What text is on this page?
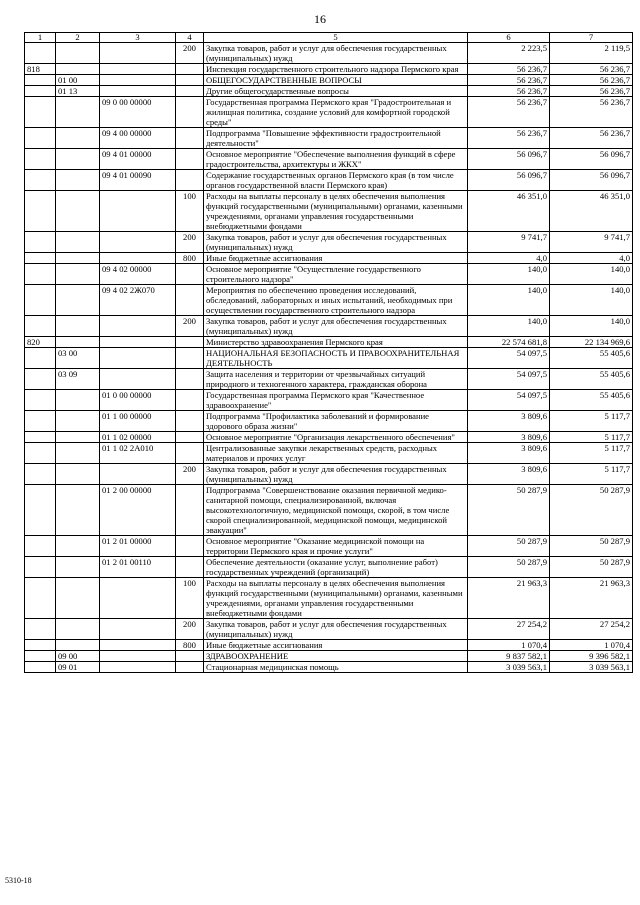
16
1	2	3	4	5	6	7
			200	Закупка товаров, работ и услуг для обеспечения государственных (муниципальных) нужд	2 223,5	2 119,5
818				Инспекция государственного строительного надзора Пермского края	56 236,7	56 236,7
	01 00			ОБЩЕГОСУДАРСТВЕННЫЕ ВОПРОСЫ	56 236,7	56 236,7
	01 13			Другие общегосударственные вопросы	56 236,7	56 236,7
		09 0 00 00000		Государственная программа Пермского края "Градостроительная и жилищная политика, создание условий для комфортной городской среды"	56 236,7	56 236,7
		09 4 00 00000		Подпрограмма "Повышение эффективности градостроительной деятельности"	56 236,7	56 236,7
		09 4 01 00000		Основное мероприятие "Обеспечение выполнения функций в сфере градостроительства, архитектуры и ЖКХ"	56 096,7	56 096,7
		09 4 01 00090		Содержание государственных органов Пермского края (в том числе органов государственной власти Пермского края)	56 096,7	56 096,7
			100	Расходы на выплаты персоналу в целях обеспечения выполнения функций государственными (муниципальными) органами, казенными учреждениями, органами управления государственными внебюджетными фондами	46 351,0	46 351,0
			200	Закупка товаров, работ и услуг для обеспечения государственных (муниципальных) нужд	9 741,7	9 741,7
			800	Иные бюджетные ассигнования	4,0	4,0
		09 4 02 00000		Основное мероприятие "Осуществление государственного строительного надзора"	140,0	140,0
		09 4 02 2Ж070		Мероприятия по обеспечению проведения исследований, обследований, лабораторных и иных испытаний, необходимых при осуществлении государственного строительного надзора	140,0	140,0
			200	Закупка товаров, работ и услуг для обеспечения государственных (муниципальных) нужд	140,0	140,0
820				Министерство здравоохранения Пермского края	22 574 681,8	22 134 969,6
	03 00			НАЦИОНАЛЬНАЯ БЕЗОПАСНОСТЬ И ПРАВООХРАНИТЕЛЬНАЯ ДЕЯТЕЛЬНОСТЬ	54 097,5	55 405,6
	03 09			Защита населения и территории от чрезвычайных ситуаций природного и техногенного характера, гражданская оборона	54 097,5	55 405,6
		01 0 00 00000		Государственная программа Пермского края "Качественное здравоохранение"	54 097,5	55 405,6
		01 1 00 00000		Подпрограмма "Профилактика заболеваний и формирование здорового образа жизни"	3 809,6	5 117,7
		01 1 02 00000		Основное мероприятие "Организация лекарственного обеспечения"	3 809,6	5 117,7
		01 1 02 2А010		Централизованные закупки лекарственных средств, расходных материалов и прочих услуг	3 809,6	5 117,7
			200	Закупка товаров, работ и услуг для обеспечения государственных (муниципальных) нужд	3 809,6	5 117,7
		01 2 00 00000		Подпрограмма "Совершенствование оказания первичной медико-санитарной помощи, специализированной, включая высокотехнологичную, медицинской помощи, скорой, в том числе скорой специализированной, медицинской помощи, медицинской эвакуации"	50 287,9	50 287,9
		01 2 01 00000		Основное мероприятие "Оказание медицинской помощи на территории Пермского края и прочие услуги"	50 287,9	50 287,9
		01 2 01 00110		Обеспечение деятельности (оказание услуг, выполнение работ) государственных учреждений (организаций)	50 287,9	50 287,9
			100	Расходы на выплаты персоналу в целях обеспечения выполнения функций государственными (муниципальными) органами, казенными учреждениями, органами управления государственными внебюджетными фондами	21 963,3	21 963,3
			200	Закупка товаров, работ и услуг для обеспечения государственных (муниципальных) нужд	27 254,2	27 254,2
			800	Иные бюджетные ассигнования	1 070,4	1 070,4
	09 00			ЗДРАВООХРАНЕНИЕ	9 837 582,1	9 396 582,1
	09 01			Стационарная медицинская помощь	3 039 563,1	3 039 563,1
5310-18
